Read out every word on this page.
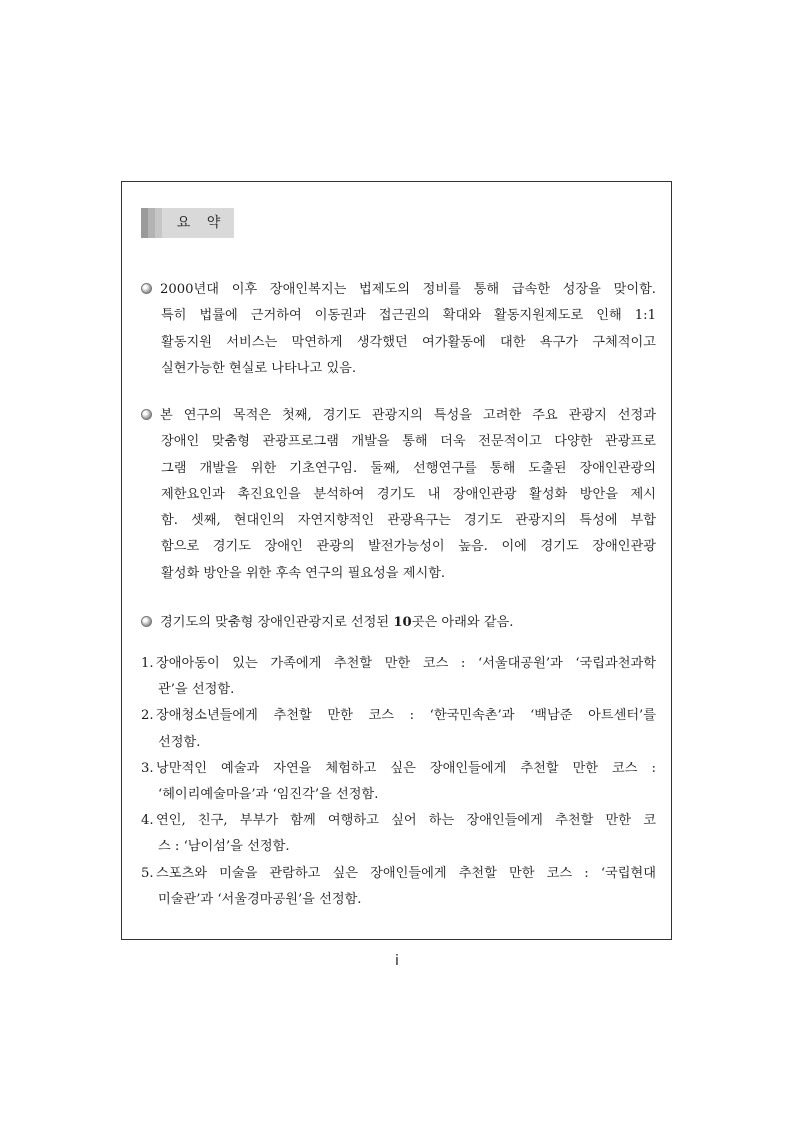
요 약
2000년대 이후 장애인복지는 법제도의 정비를 통해 급속한 성장을 맞이함.
특히 법률에 근거하여 이동권과 접근권의 확대와 활동지원제도로 인해 1:1
활동지원 서비스는 막연하게 생각했던 여가활동에 대한 욕구가 구체적이고
실현가능한 현실로 나타나고 있음.
본 연구의 목적은 첫째, 경기도 관광지의 특성을 고려한 주요 관광지 선정과
장애인 맞춤형 관광프로그램 개발을 통해 더욱 전문적이고 다양한 관광프로
그램 개발을 위한 기초연구임. 둘째, 선행연구를 통해 도출된 장애인관광의
제한요인과 촉진요인을 분석하여 경기도 내 장애인관광 활성화 방안을 제시
함. 셋째, 현대인의 자연지향적인 관광욕구는 경기도 관광지의 특성에 부합
함으로 경기도 장애인 관광의 발전가능성이 높음. 이에 경기도 장애인관광
활성화 방안을 위한 후속 연구의 필요성을 제시함.
경기도의 맞춤형 장애인관광지로 선정된 10곳은 아래와 같음.
1. 장애아동이 있는 가족에게 추천할 만한 코스 : ‘서울대공원’과 ‘국립과천과학
관’을 선정함.
2. 장애청소년들에게 추천할 만한 코스 : ‘한국민속촌’과 ‘백남준 아트센터’를
선정함.
3. 낭만적인 예술과 자연을 체험하고 싶은 장애인들에게 추천할 만한 코스 :
‘헤이리예술마을’과 ‘임진각’을 선정함.
4. 연인, 친구, 부부가 함께 여행하고 싶어 하는 장애인들에게 추천할 만한 코
스 : ‘남이섬’을 선정함.
5. 스포츠와 미술을 관람하고 싶은 장애인들에게 추천할 만한 코스 : ‘국립현대
미술관’과 ‘서울경마공원’을 선정함.
i
